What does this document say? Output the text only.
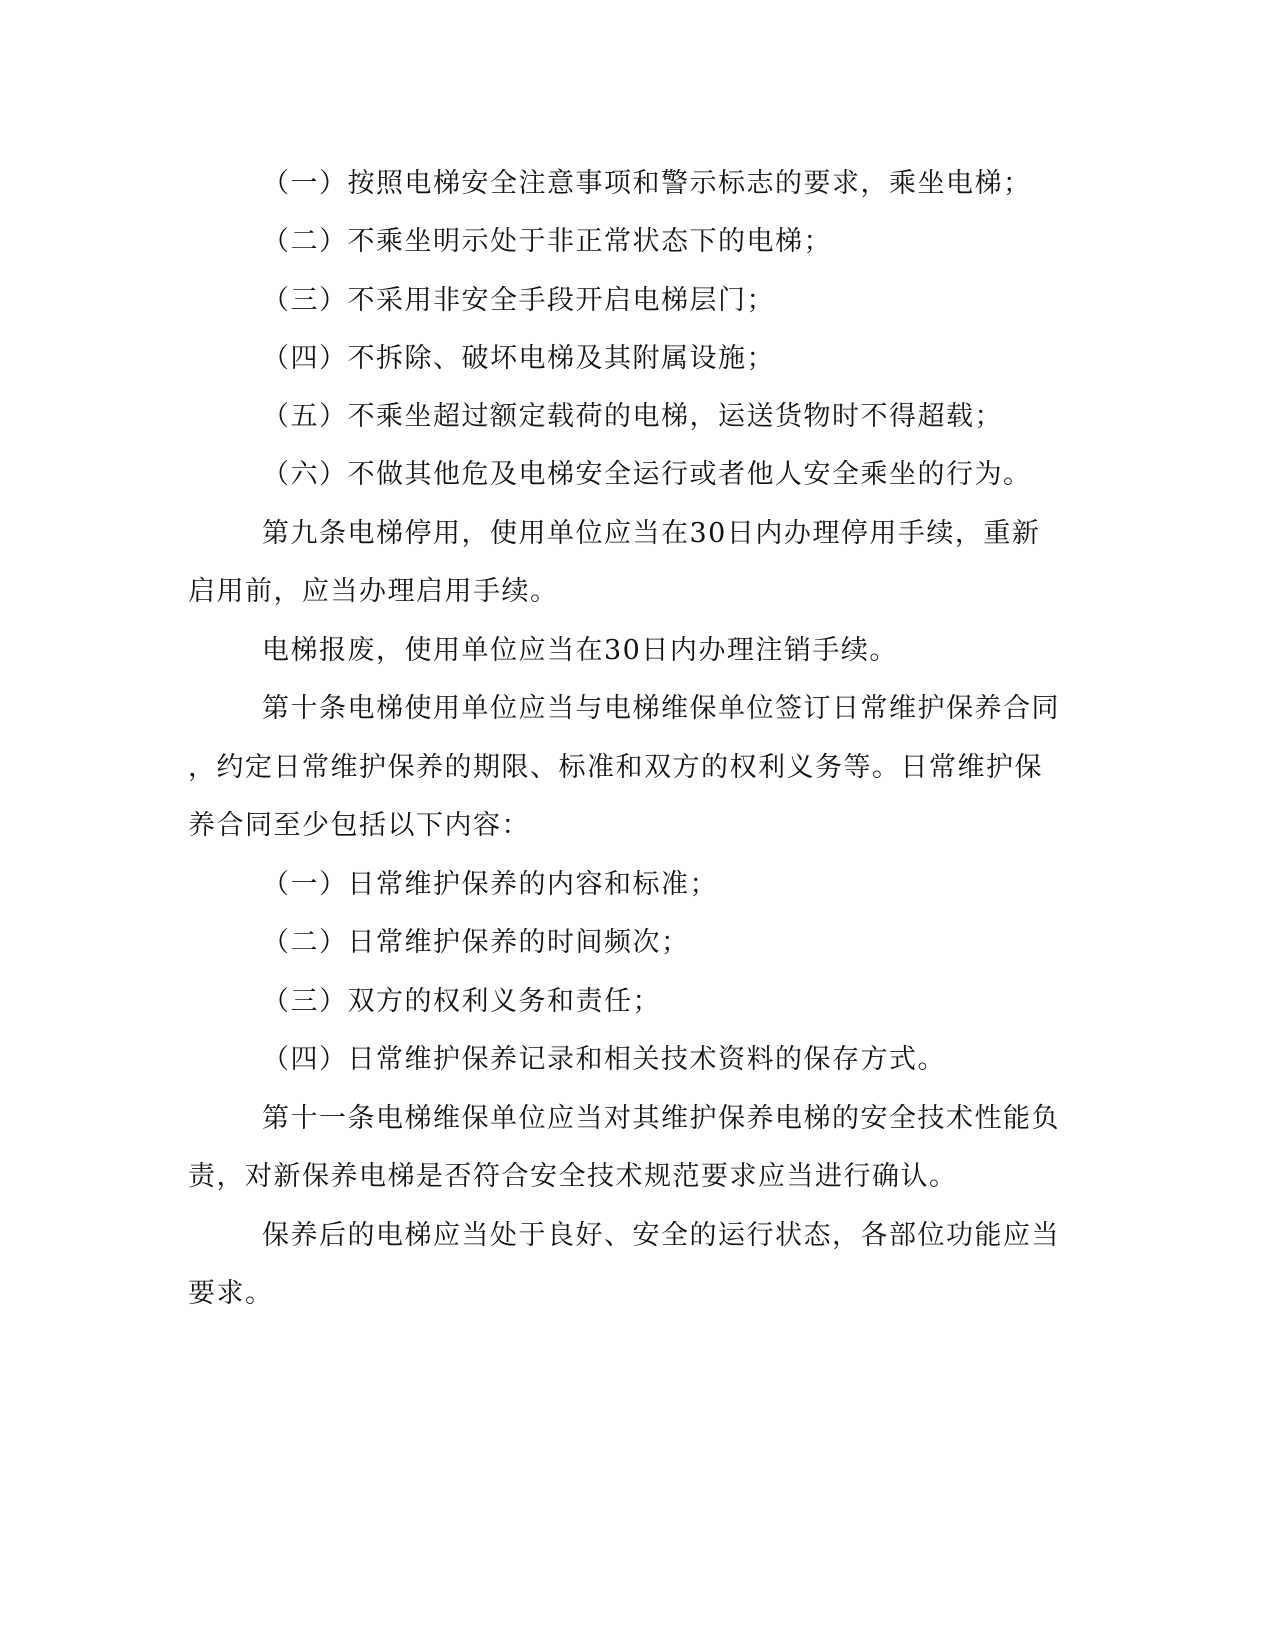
（一）按照电梯安全注意事项和警示标志的要求，乘坐电梯；
（二）不乘坐明示处于非正常状态下的电梯；
（三）不采用非安全手段开启电梯层门；
（四）不拆除、破坏电梯及其附属设施；
（五）不乘坐超过额定载荷的电梯，运送货物时不得超载；
（六）不做其他危及电梯安全运行或者他人安全乘坐的行为。
第九条电梯停用，使用单位应当在30日内办理停用手续，重新
启用前，应当办理启用手续。
电梯报废，使用单位应当在30日内办理注销手续。
第十条电梯使用单位应当与电梯维保单位签订日常维护保养合同
，约定日常维护保养的期限、标准和双方的权利义务等。日常维护保
养合同至少包括以下内容：
（一）日常维护保养的内容和标准；
（二）日常维护保养的时间频次；
（三）双方的权利义务和责任；
（四）日常维护保养记录和相关技术资料的保存方式。
第十一条电梯维保单位应当对其维护保养电梯的安全技术性能负
责，对新保养电梯是否符合安全技术规范要求应当进行确认。
保养后的电梯应当处于良好、安全的运行状态，各部位功能应当
要求。
